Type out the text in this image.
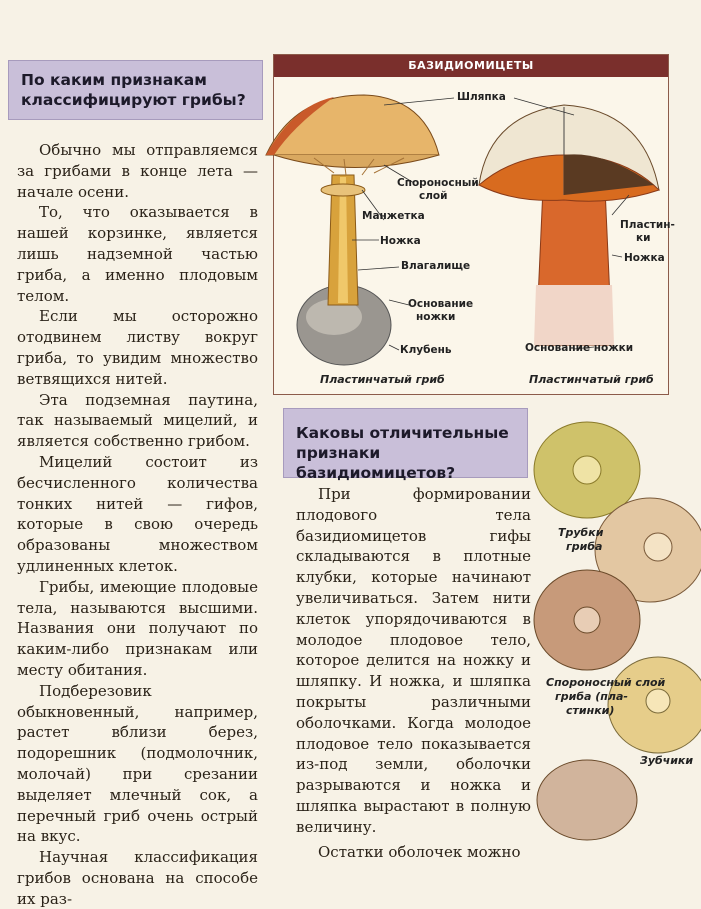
По каким признакам
классифицируют грибы?

Обычно мы отправляемся за грибами в конце лета — начале осени.

То, что оказывается в нашей корзинке, является лишь надземной частью гриба, а именно плодовым телом.

Если мы осторожно отодвинем листву вокруг гриба, то увидим множество ветвящихся нитей.

Эта подземная паутина, так называемый мицелий, и является собственно грибом.

Мицелий состоит из бесчисленного количества тонких нитей — гифов, которые в свою очередь образованы множеством удлиненных клеток.

Грибы, имеющие плодовые тела, называются высшими. Названия они получают по каким-либо признакам или месту обитания.

Подберезовик обыкновенный, например, растет вблизи берез, подорешник (подмолочник, молочай) при срезании выделяет млечный сок, а перечный гриб очень острый на вкус.

Научная классификация грибов основана на способе их раз-

БАЗИДИОМИЦЕТЫ
Шляпка
Спороносный
слой
Манжетка
Ножка
Влагалище
Основание
ножки
Клубень
Пластин-
ки
Ножка
Основание ножки
Пластинчатый гриб	Пластинчатый гриб
Каковы отличительные
признаки базидиомицетов?

При формировании плодового тела базидиомицетов гифы складываются в плотные клубки, которые начинают увеличиваться. Затем нити клеток упорядочиваются в молодое плодовое тело, которое делится на ножку и шляпку. И ножка, и шляпка покрыты различными оболочками. Когда молодое плодовое тело показывается из-под земли, оболочки разрываются и ножка и шляпка вырастают в полную величину.

Остатки оболочек можно

Трубки
гриба
Спороносный слой
гриба (пла-
стинки)
Зубчики
